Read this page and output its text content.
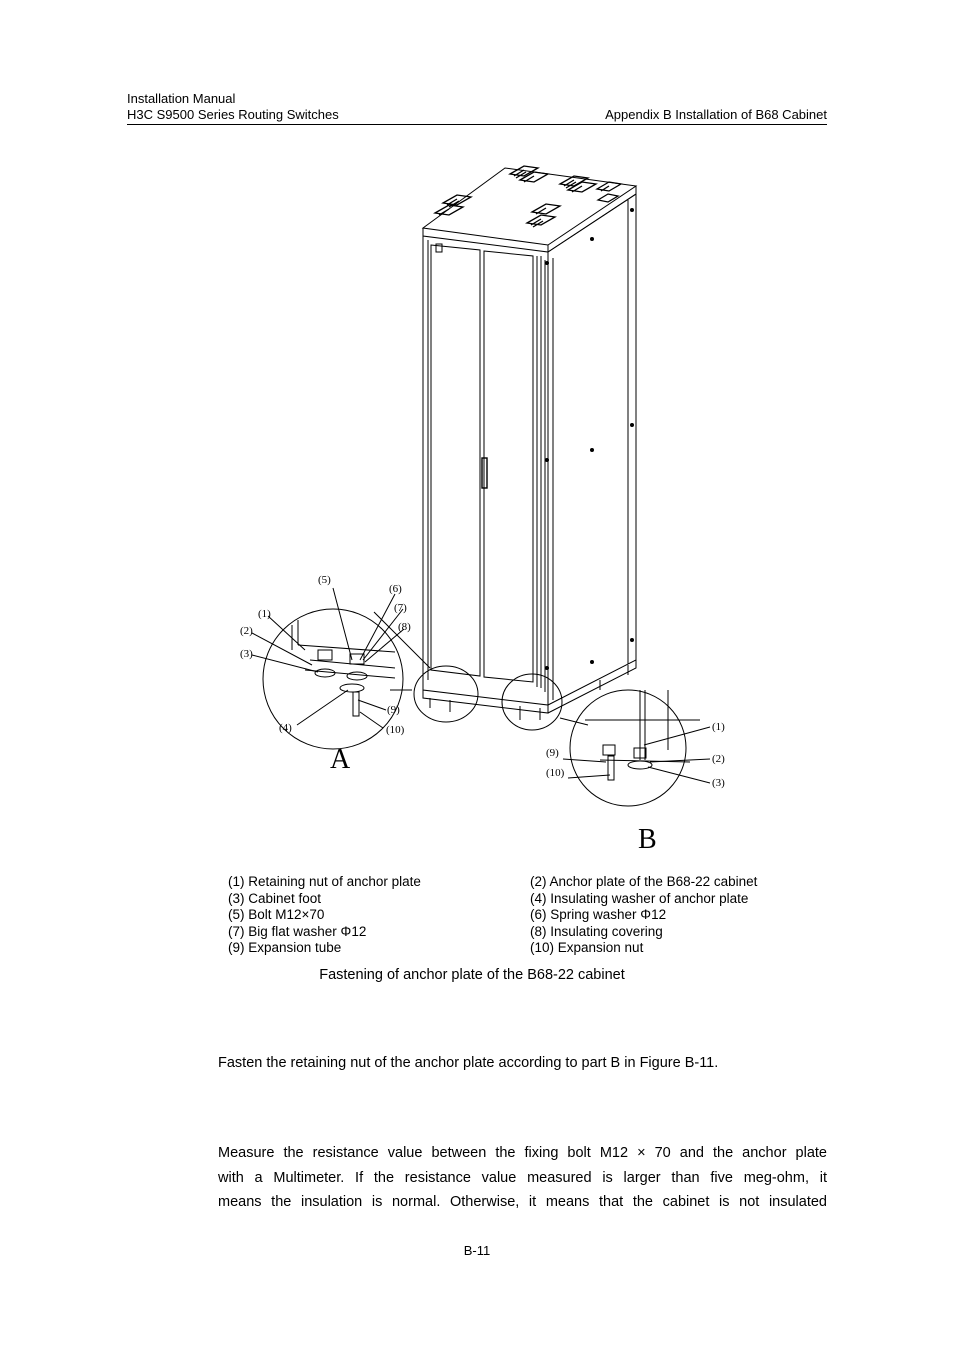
Installation Manual
H3C S9500 Series Routing Switches	Appendix B Installation of B68 Cabinet
(5)
(6)
(7)
(8)
(1)
(2)
(3)
(4)
(9)
(10)	(1)
(2)
(3)
(9)
(10)
A
B
(1) Retaining nut of anchor plate
(3) Cabinet foot
(5) Bolt M12×70
(7) Big flat washer Φ12
(9) Expansion tube
(2) Anchor plate of the B68-22 cabinet
(4) Insulating washer of anchor plate
(6) Spring washer Φ12
(8) Insulating covering
(10) Expansion nut
Fastening of anchor plate of the B68-22 cabinet
Fasten the retaining nut of the anchor plate according to part B in Figure B-11.
Measure the resistance value between the fixing bolt M12 × 70 and the anchor plate
with a Multimeter. If the resistance value measured is larger than five meg-ohm, it
means the insulation is normal. Otherwise, it means that the cabinet is not insulated
B-11
